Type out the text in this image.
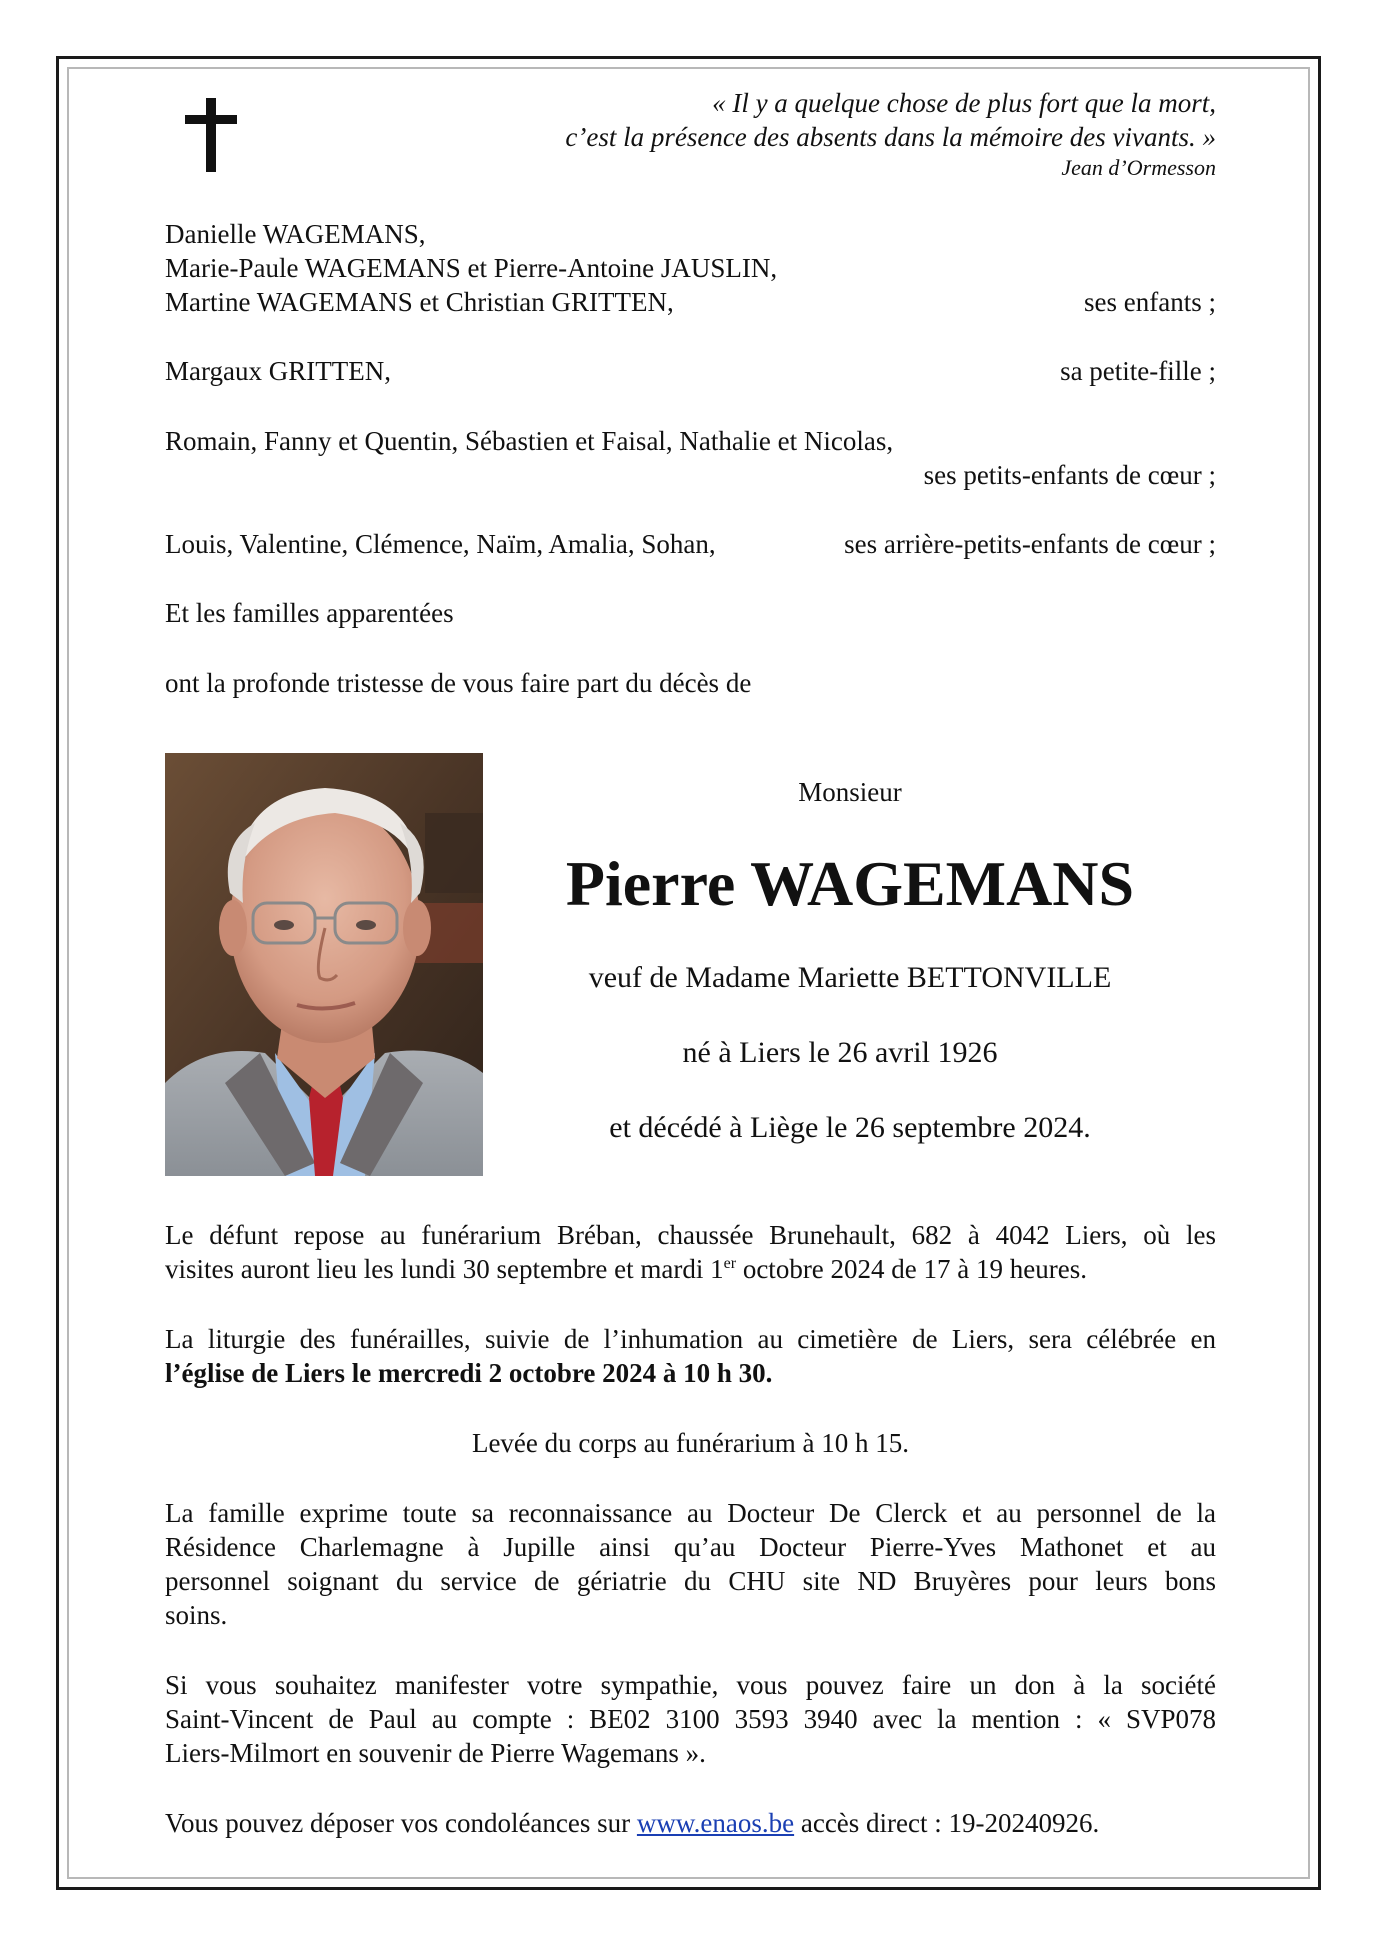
« Il y a quelque chose de plus fort que la mort,
c’est la présence des absents dans la mémoire des vivants. »
Jean d’Ormesson
Danielle WAGEMANS,
Marie-Paule WAGEMANS et Pierre-Antoine JAUSLIN,
Martine WAGEMANS et Christian GRITTEN,	ses enfants ;
Margaux GRITTEN,	sa petite-fille ;
Romain, Fanny et Quentin, Sébastien et Faisal, Nathalie et Nicolas,
ses petits-enfants de cœur ;
Louis, Valentine, Clémence, Naïm, Amalia, Sohan,	ses arrière-petits-enfants de cœur ;
Et les familles apparentées
ont la profonde tristesse de vous faire part du décès de
Monsieur
Pierre WAGEMANS
veuf de Madame Mariette BETTONVILLE
né à Liers le 26 avril 1926
et décédé à Liège le 26 septembre 2024.
Le défunt repose au funérarium Bréban, chaussée Brunehault, 682 à 4042 Liers, où les
visites auront lieu les lundi 30 septembre et mardi 1er octobre 2024 de 17 à 19 heures.
La liturgie des funérailles, suivie de l’inhumation au cimetière de Liers, sera célébrée en
l’église de Liers le mercredi 2 octobre 2024 à 10 h 30.
Levée du corps au funérarium à 10 h 15.
La famille exprime toute sa reconnaissance au Docteur De Clerck et au personnel de la
Résidence Charlemagne à Jupille ainsi qu’au Docteur Pierre-Yves Mathonet et au
personnel soignant du service de gériatrie du CHU site ND Bruyères pour leurs bons
soins.
Si vous souhaitez manifester votre sympathie, vous pouvez faire un don à la société
Saint-Vincent de Paul au compte : BE02 3100 3593 3940 avec la mention : « SVP078
Liers-Milmort en souvenir de Pierre Wagemans ».
Vous pouvez déposer vos condoléances sur www.enaos.be accès direct : 19-20240926.
